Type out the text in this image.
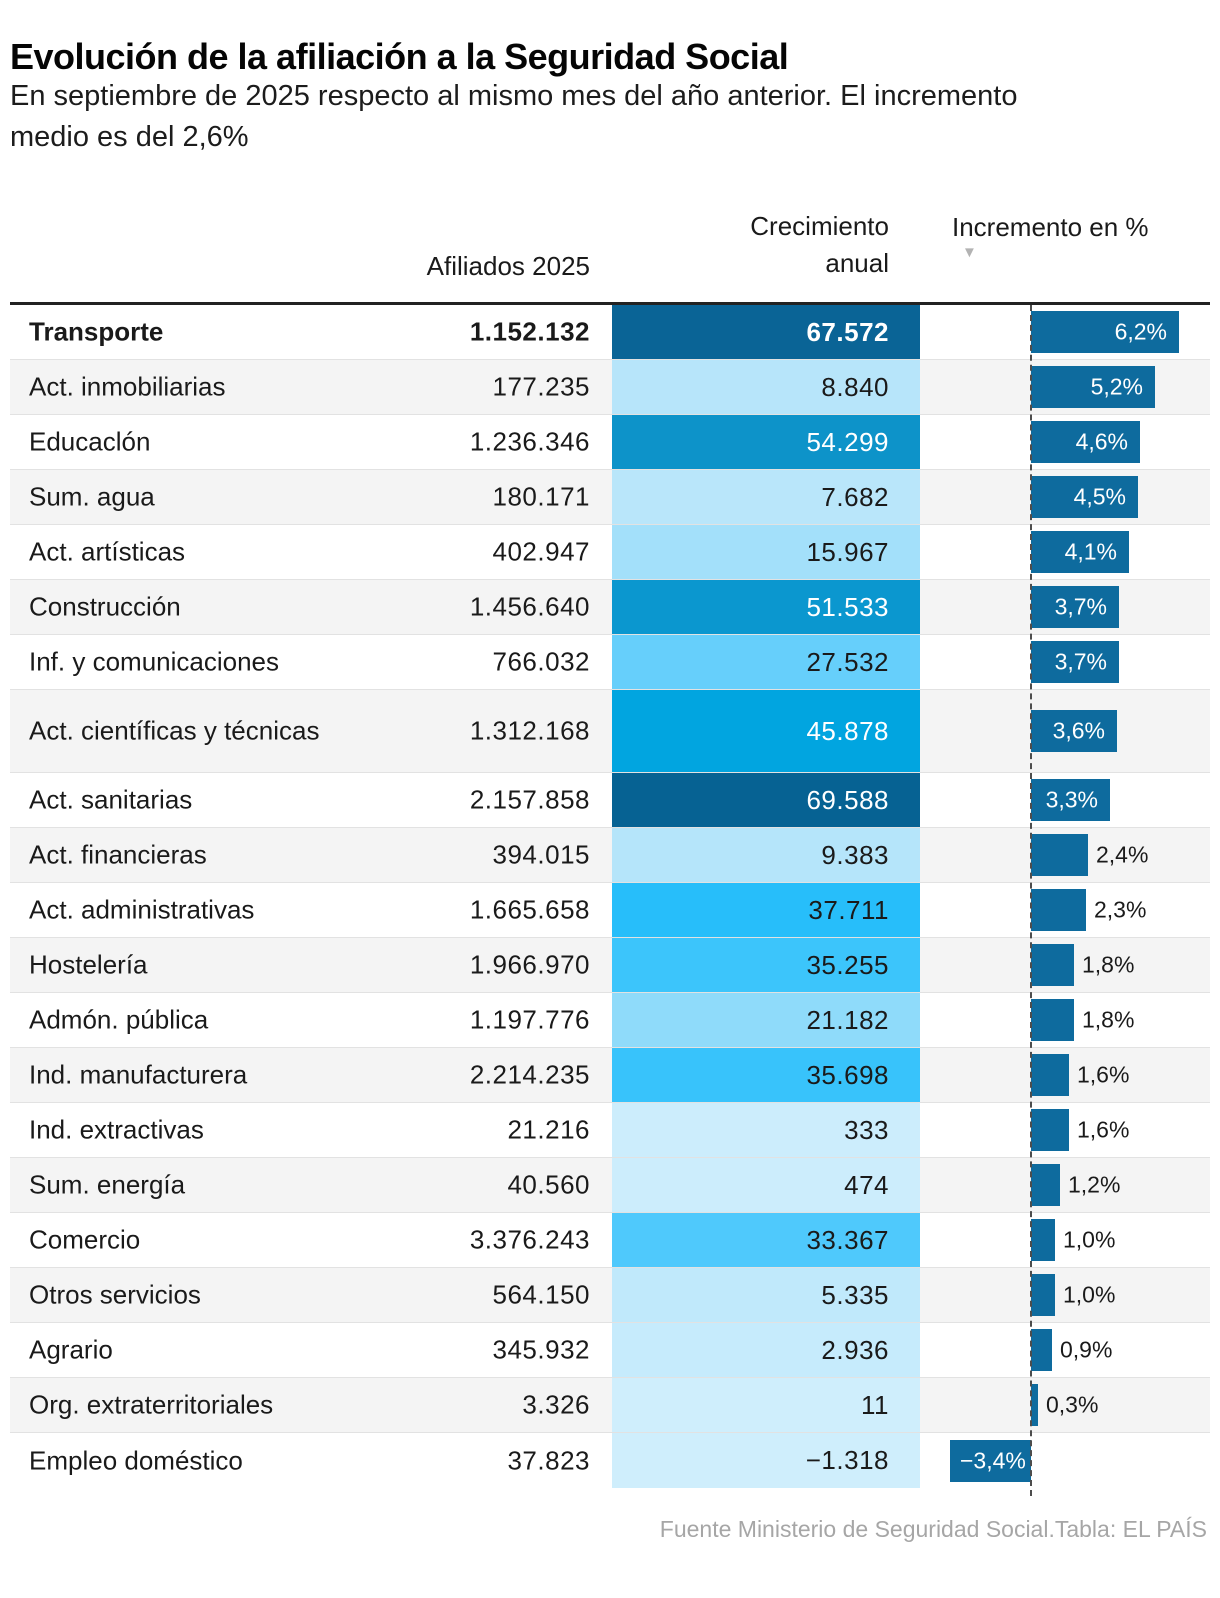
Evolución de la afiliación a la Seguridad Social
En septiembre de 2025 respecto al mismo mes del año anterior. El incremento
medio es del 2,6%
Afiliados 2025
Crecimiento anual
Incremento en %
▼
Transporte	1.152.132	67.572	6,2%
Act. inmobiliarias	177.235	8.840	5,2%
Educaclón	1.236.346	54.299	4,6%
Sum. agua	180.171	7.682	4,5%
Act. artísticas	402.947	15.967	4,1%
Construcción	1.456.640	51.533	3,7%
Inf. y comunicaciones	766.032	27.532	3,7%
Act. científicas y técnicas	1.312.168	45.878	3,6%
Act. sanitarias	2.157.858	69.588	3,3%
Act. financieras	394.015	9.383	2,4%
Act. administrativas	1.665.658	37.711	2,3%
Hostelería	1.966.970	35.255	1,8%
Admón. pública	1.197.776	21.182	1,8%
Ind. manufacturera	2.214.235	35.698	1,6%
Ind. extractivas	21.216	333	1,6%
Sum. energía	40.560	474	1,2%
Comercio	3.376.243	33.367	1,0%
Otros servicios	564.150	5.335	1,0%
Agrario	345.932	2.936	0,9%
Org. extraterritoriales	3.326	11	0,3%
Empleo doméstico	37.823	−1.318	−3,4%
Fuente Ministerio de Seguridad Social.Tabla: EL PAÍS
